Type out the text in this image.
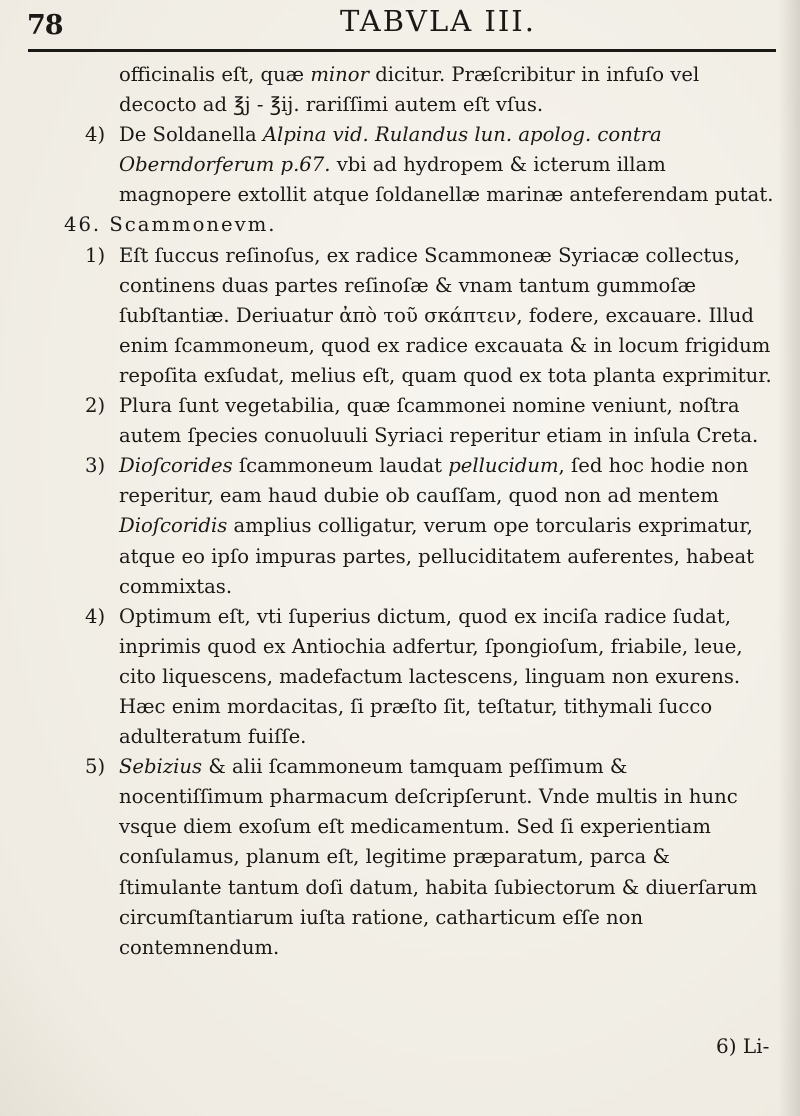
78	TABVLA III.

officinalis eſt, quæ minor dicitur. Præſcribitur in infuſo vel decocto ad ℥j - ℥ij. rariſſimi autem eſt vſus.

4) De Soldanella Alpina vid. Rulandus lun. apolog. contra Oberndorferum p.67. vbi ad hydropem & icterum illam magnopere extollit atque ſoldanellæ marinæ anteferendam putat.

46. Scammonevm.

1) Eſt ſuccus reſinoſus, ex radice Scammoneæ Syriacæ collectus, continens duas partes reſinoſæ & vnam tantum gummoſæ ſubſtantiæ. Deriuatur ἀπὸ τοῦ σκάπτειν, fodere, excauare. Illud enim ſcammoneum, quod ex radice excauata & in locum frigidum repoſita exſudat, melius eſt, quam quod ex tota planta exprimitur.

2) Plura ſunt vegetabilia, quæ ſcammonei nomine veniunt, noſtra autem ſpecies conuoluuli Syriaci reperitur etiam in inſula Creta.

3) Dioſcorides ſcammoneum laudat pellucidum, ſed hoc hodie non reperitur, eam haud dubie ob cauſſam, quod non ad mentem Dioſcoridis amplius colligatur, verum ope torcularis exprimatur, atque eo ipſo impuras partes, pelluciditatem auferentes, habeat commixtas.

4) Optimum eſt, vti ſuperius dictum, quod ex inciſa radice ſudat, inprimis quod ex Antiochia adfertur, ſpongioſum, friabile, leue, cito liquescens, madefactum lactescens, linguam non exurens. Hæc enim mordacitas, ſi præſto ſit, teſtatur, tithymali ſucco adulteratum fuiſſe.

5) Sebizius & alii ſcammoneum tamquam peſſimum & nocentiſſimum pharmacum deſcripſerunt. Vnde multis in hunc vsque diem exoſum eſt medicamentum. Sed ſi experientiam conſulamus, planum eſt, legitime præparatum, parca & ſtimulante tantum doſi datum, habita ſubiectorum & diuerſarum circumſtantiarum iuſta ratione, catharticum eſſe non contemnendum.

6) Li-
